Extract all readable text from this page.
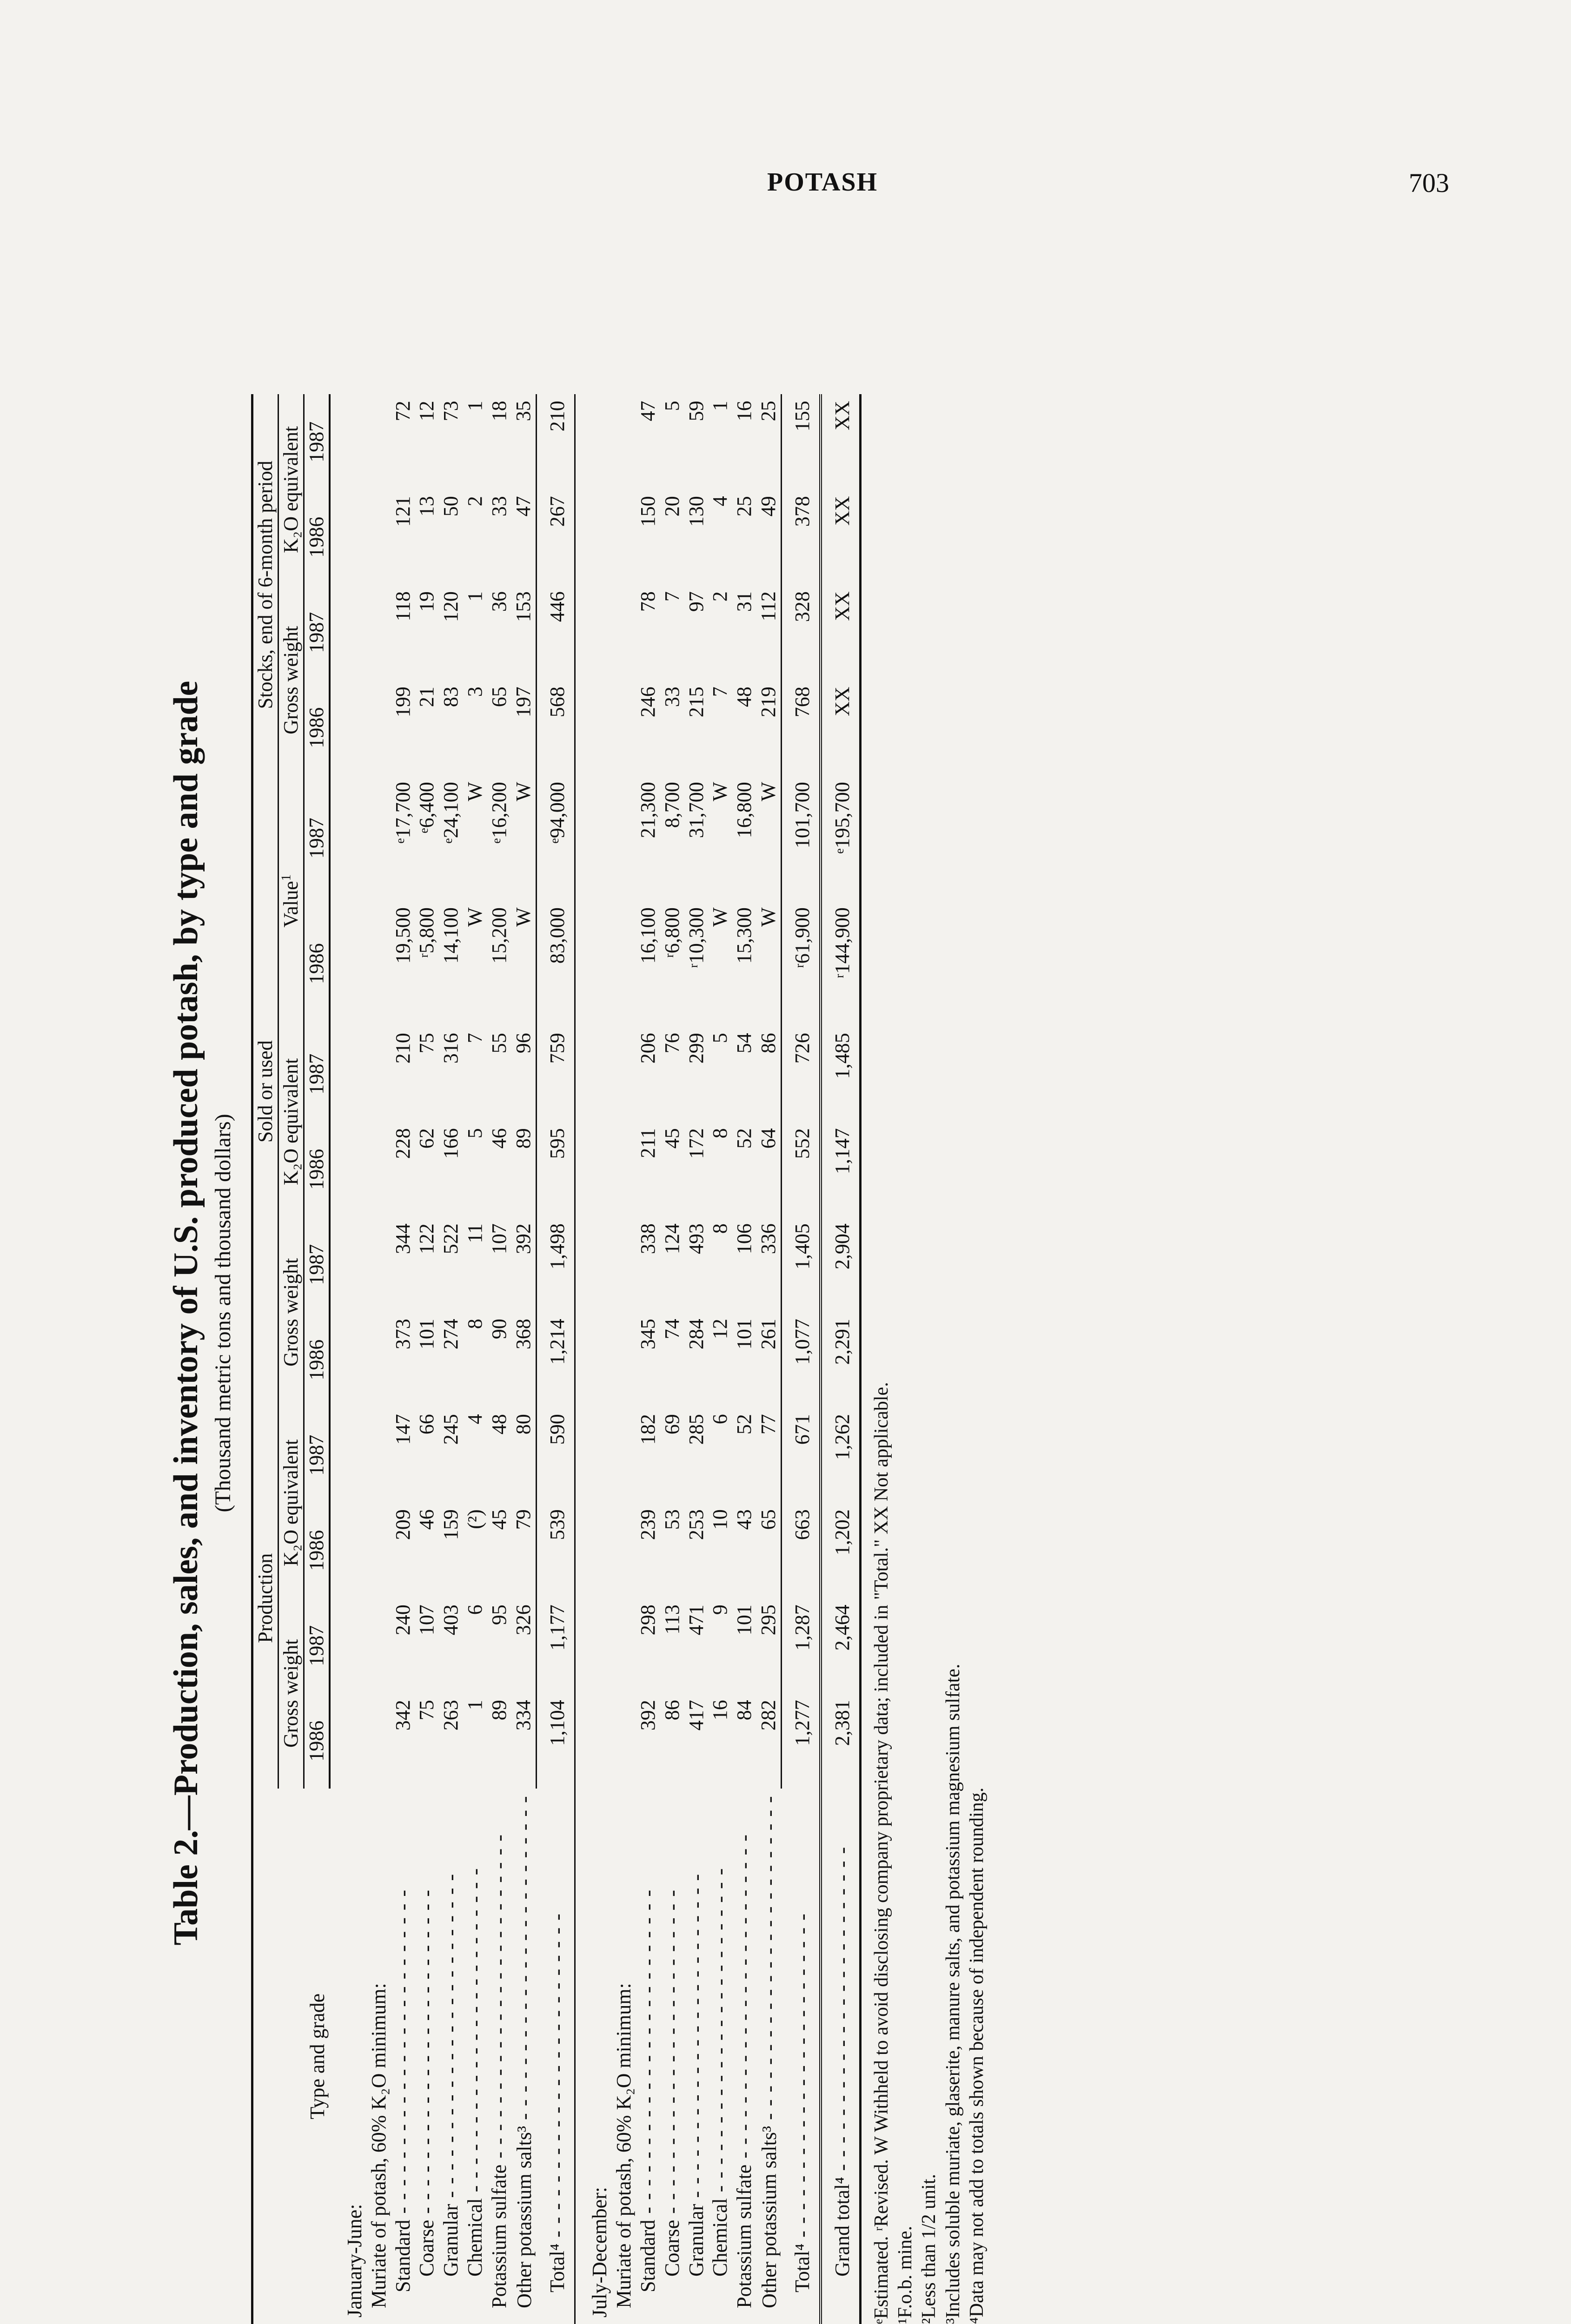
POTASH	703
Table 2.—Production, sales, and inventory of U.S. produced potash, by type and grade (Thousand metric tons and thousand dollars)
Type and grade	Production				Sold or used						Stocks, end of 6-month period			
	Gross weight		K₂O equivalent		Gross weight		K₂O equivalent		Value$^1$		Gross weight		K₂O equivalent	
	1986	1987	1986	1987	1986	1987	1986	1987	1986	1987	1986	1987	1986	1987

January-June:														
Muriate of potash, 60% K₂O minimum:														
Standard - - -	342	240	209	147	373	344	228	210	19,500	ᵉ17,700	199	118	121	72
Coarse - - -	75	107	46	66	101	122	62	75	ʳ5,800	ᵉ6,400	21	19	13	12
Granular - - -	263	403	159	245	274	522	166	316	14,100	ᵉ24,100	83	120	50	73
Chemical - - -	1	6	(²)	4	8	11	5	7	W	W	3	1	2	1
Potassium sulfate - - -	89	95	45	48	90	107	46	55	15,200	ᵉ16,200	65	36	33	18
Other potassium salts³ - - -	334	326	79	80	368	392	89	96	W	W	197	153	47	35
Total⁴ - - -	1,104	1,177	539	590	1,214	1,498	595	759	83,000	ᵉ94,000	568	446	267	210

July-December:														
Muriate of potash, 60% K₂O minimum:														
Standard - - -	392	298	239	182	345	338	211	206	16,100	21,300	246	78	150	47
Coarse - - -	86	113	53	69	74	124	45	76	ʳ6,800	8,700	33	7	20	5
Granular - - -	417	471	253	285	284	493	172	299	ʳ10,300	31,700	215	97	130	59
Chemical - - -	16	9	10	6	12	8	8	5	W	W	7	2	4	1
Potassium sulfate - - -	84	101	43	52	101	106	52	54	15,300	16,800	48	31	25	16
Other potassium salts³ - - -	282	295	65	77	261	336	64	86	W	W	219	112	49	25
Total⁴ - - -	1,277	1,287	663	671	1,077	1,405	552	726	ʳ61,900	101,700	768	328	378	155
Grand total⁴ - - -	2,381	2,464	1,202	1,262	2,291	2,904	1,147	1,485	ʳ144,900	ᵉ195,700	XX	XX	XX	XX
ᵉEstimated. ʳRevised. W Withheld to avoid disclosing company proprietary data; included in "Total." XX Not applicable. ¹F.o.b. mine. ²Less than 1/2 unit. ³Includes soluble muriate, glaserite, manure salts, and potassium magnesium sulfate. ⁴Data may not add to totals shown because of independent rounding.
